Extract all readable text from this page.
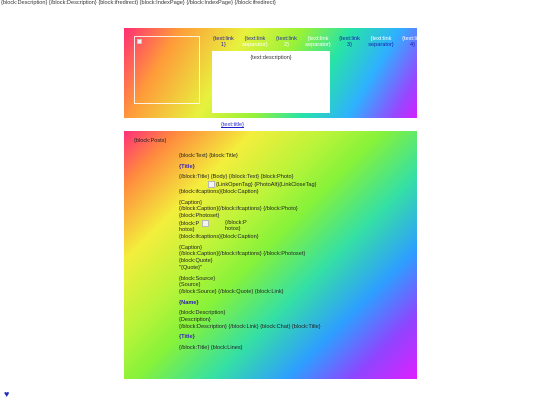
{block:Description} {/block:Description} {block:ifredirect} {block:IndexPage} {/block:IndexPage} {/block:ifredirect}
{text:link
1}
{text:link
separator}
{text:link
2}
{text:link
separator}
{text:link
3}
{text:link
separator}
{text:link
4}
{text:description}
{text:title}
{block:Posts}
{block:Text} {block:Title}
{Title}
{/block:Title} {Body} {/block:Text} {block:Photo}
{LinkOpenTag} {PhotoAlt}{LinkCloseTag}
{block:ifcaptions}{block:Caption}
{Caption}
{/block:Caption}{/block:ifcaptions} {/block:Photo}
{block:Photoset}
{block:P
hotos}
{/block:P
hotos}
{block:ifcaptions}{block:Caption}
{Caption}
{/block:Caption}{/block:ifcaptions} {/block:Photoset}
{block:Quote}
"{Quote}"
{block:Source}
{Source}
{/block:Source} {/block:Quote} {block:Link}
{Name}
{block:Description}
{Description}
{/block:Description} {/block:Link} {block:Chat} {block:Title}
{Title}
{/block:Title} {block:Lines}
♥
